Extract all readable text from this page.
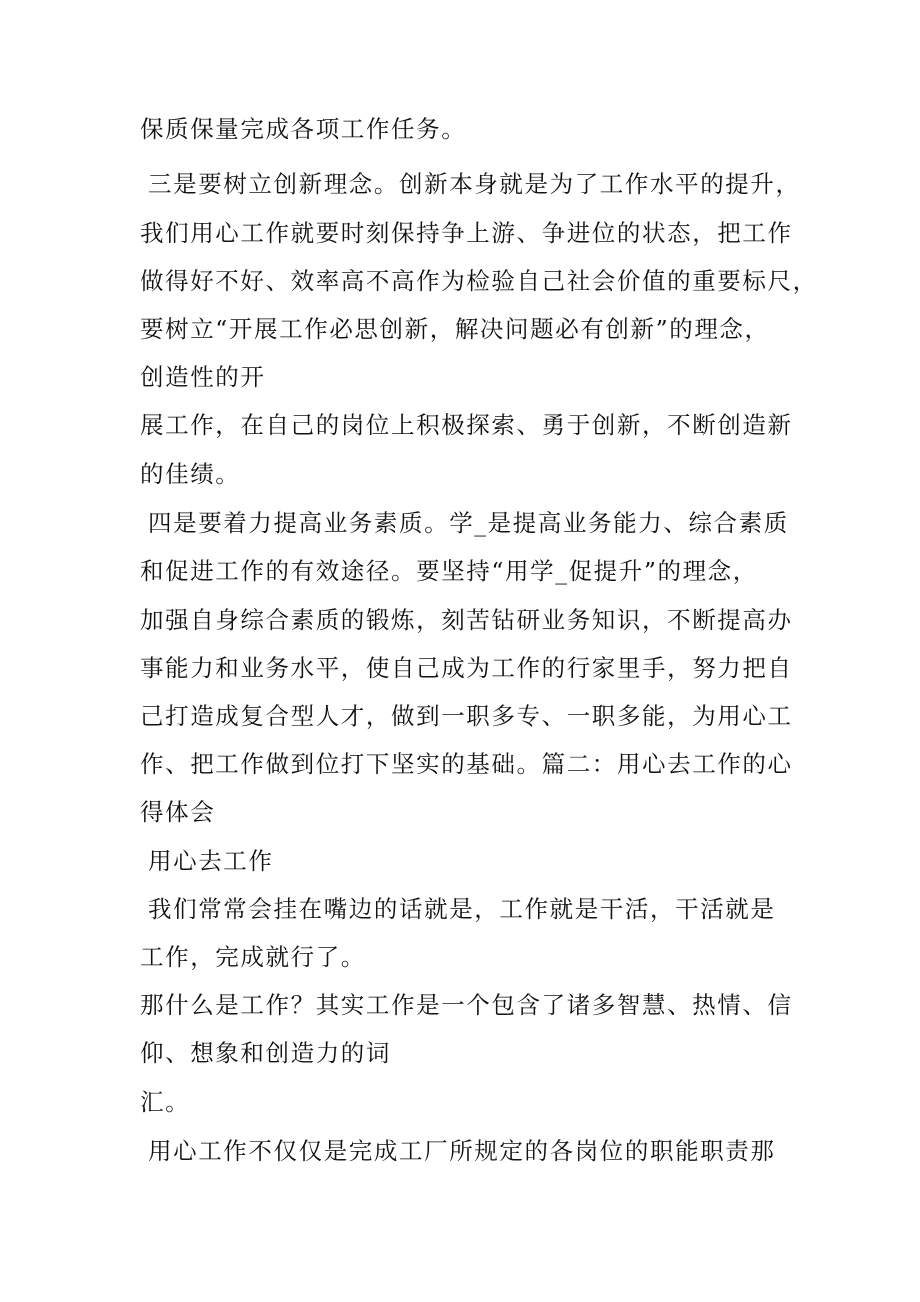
保质保量完成各项工作任务。
三是要树立创新理念。创新本身就是为了工作水平的提升，
我们用心工作就要时刻保持争上游、争进位的状态，把工作
做得好不好、效率高不高作为检验自己社会价值的重要标尺，
要树立“开展工作必思创新，解决问题必有创新”的理念，
创造性的开
展工作，在自己的岗位上积极探索、勇于创新，不断创造新
的佳绩。
四是要着力提高业务素质。学_是提高业务能力、综合素质
和促进工作的有效途径。要坚持“用学_促提升”的理念，
加强自身综合素质的锻炼，刻苦钻研业务知识，不断提高办
事能力和业务水平，使自己成为工作的行家里手，努力把自
己打造成复合型人才，做到一职多专、一职多能，为用心工
作、把工作做到位打下坚实的基础。篇二：用心去工作的心
得体会
用心去工作
我们常常会挂在嘴边的话就是，工作就是干活，干活就是
工作，完成就行了。
那什么是工作？其实工作是一个包含了诸多智慧、热情、信
仰、想象和创造力的词
汇。
用心工作不仅仅是完成工厂所规定的各岗位的职能职责那
